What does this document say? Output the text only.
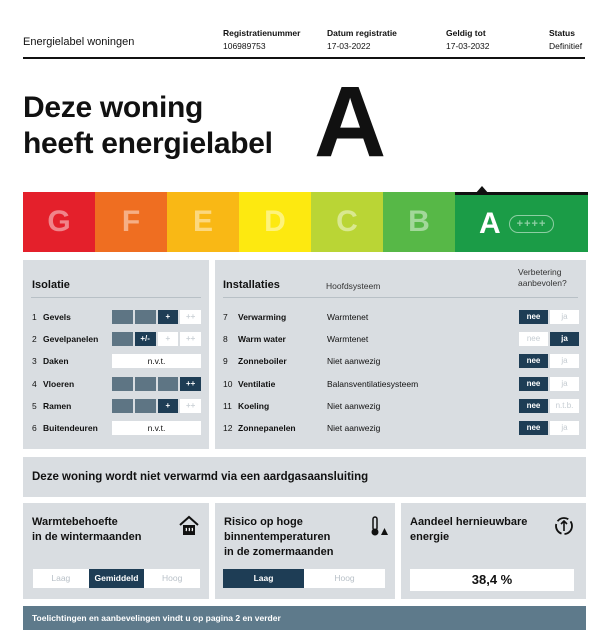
Energielabel woningen
Registratienummer
106989753
Datum registratie
17-03-2022
Geldig tot
17-03-2032
Status
Definitief
Deze woning
heeft energielabel A
G F E D C B A	++++
Isolatie
1 Gevels	+	++
2 Gevelpanelen	+/-	+	++
3 Daken	n.v.t.
4 Vloeren	++
5 Ramen	+	++
6 Buitendeuren	n.v.t.
Installaties	Hoofdsysteem
Verbetering
aanbevolen?
7 Verwarming	Warmtenet	nee	ja
8 Warm water	Warmtenet	nee	ja
9 Zonneboiler	Niet aanwezig	nee	ja
10 Ventilatie	Balansventilatiesysteem	nee	ja
11 Koeling	Niet aanwezig	nee	n.t.b.
12 Zonnepanelen	Niet aanwezig	nee	ja
Deze woning wordt niet verwarmd via een aardgasaansluiting
Warmtebehoefte
in de wintermaanden
Laag	Gemiddeld	Hoog
Risico op hoge
binnentemperaturen
in de zomermaanden
Laag	Hoog
Aandeel hernieuwbare
energie
38,4 %
Toelichtingen en aanbevelingen vindt u op pagina 2 en verder
